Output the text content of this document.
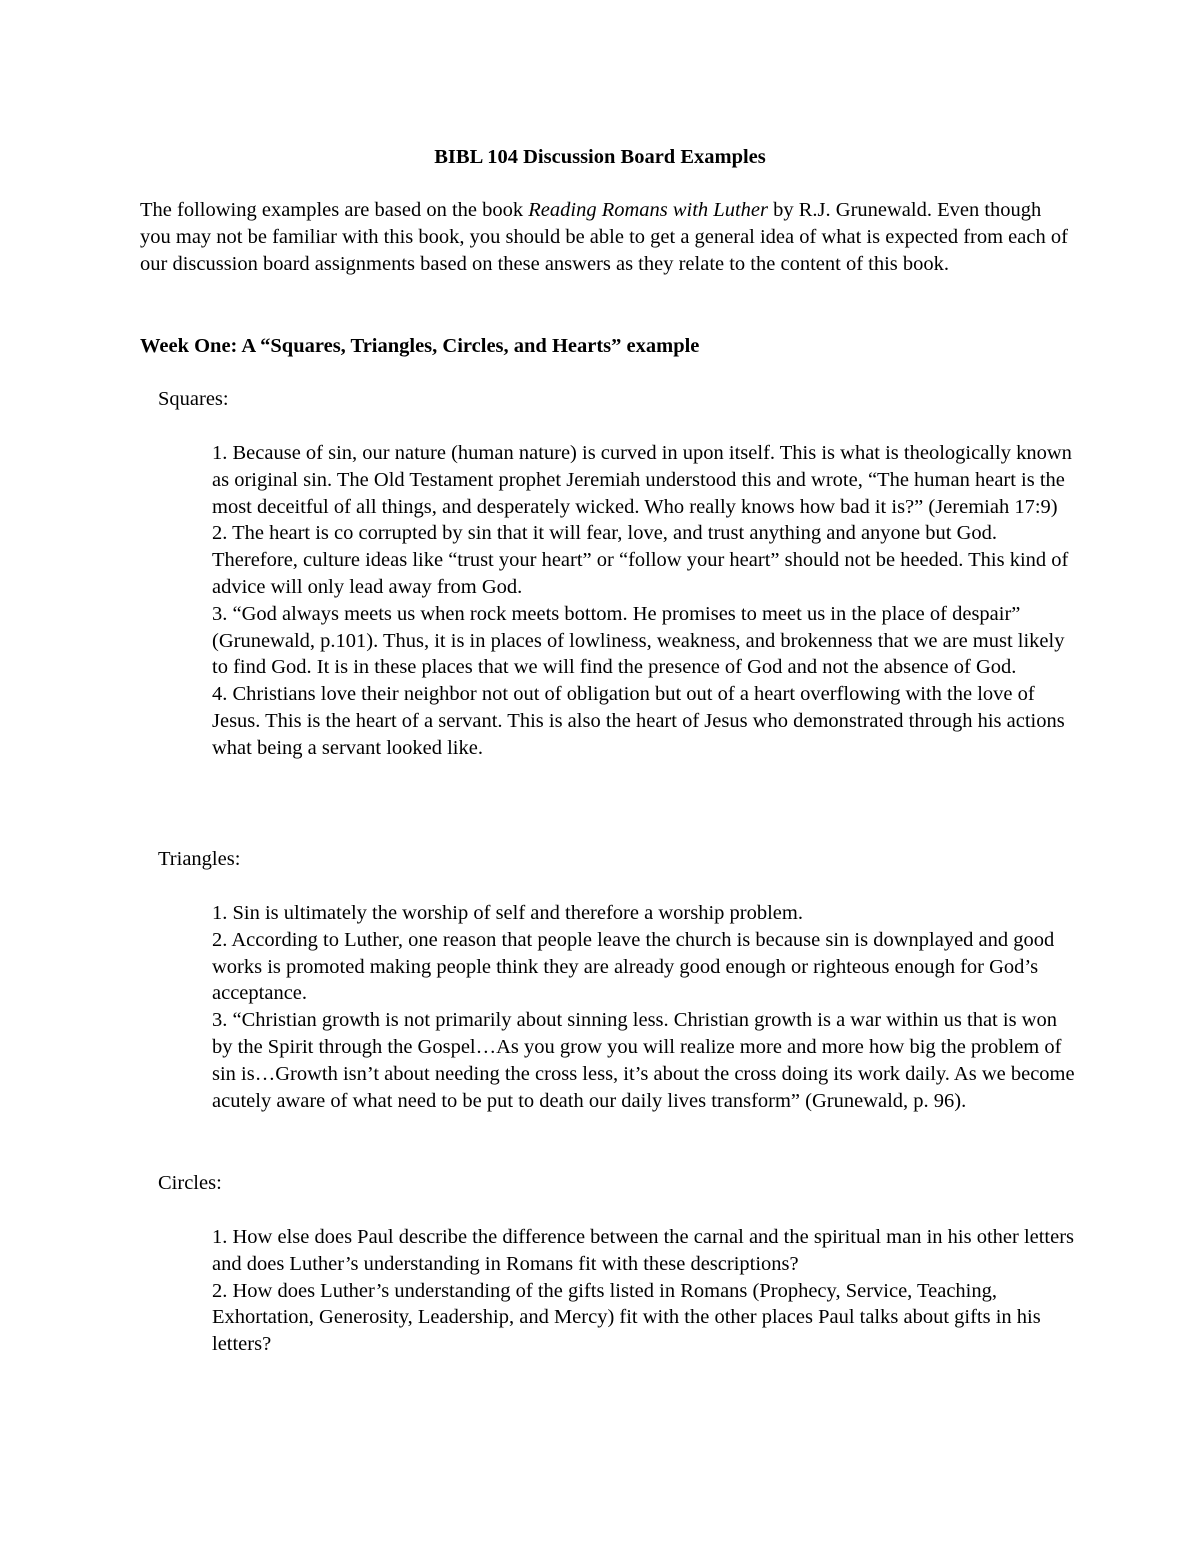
BIBL 104 Discussion Board Examples

The following examples are based on the book Reading Romans with Luther by R.J. Grunewald. Even though you may not be familiar with this book, you should be able to get a general idea of what is expected from each of our discussion board assignments based on these answers as they relate to the content of this book.

Week One: A “Squares, Triangles, Circles, and Hearts” example

Squares:

1. Because of sin, our nature (human nature) is curved in upon itself. This is what is theologically known as original sin. The Old Testament prophet Jeremiah understood this and wrote, “The human heart is the most deceitful of all things, and desperately wicked. Who really knows how bad it is?” (Jeremiah 17:9)
2. The heart is co corrupted by sin that it will fear, love, and trust anything and anyone but God. Therefore, culture ideas like “trust your heart” or “follow your heart” should not be heeded. This kind of advice will only lead away from God.
3. “God always meets us when rock meets bottom. He promises to meet us in the place of despair” (Grunewald, p.101). Thus, it is in places of lowliness, weakness, and brokenness that we are must likely to find God. It is in these places that we will find the presence of God and not the absence of God.
4. Christians love their neighbor not out of obligation but out of a heart overflowing with the love of Jesus. This is the heart of a servant. This is also the heart of Jesus who demonstrated through his actions what being a servant looked like.

Triangles:

1. Sin is ultimately the worship of self and therefore a worship problem.
2. According to Luther, one reason that people leave the church is because sin is downplayed and good works is promoted making people think they are already good enough or righteous enough for God’s acceptance.
3. “Christian growth is not primarily about sinning less. Christian growth is a war within us that is won by the Spirit through the Gospel…As you grow you will realize more and more how big the problem of sin is…Growth isn’t about needing the cross less, it’s about the cross doing its work daily. As we become acutely aware of what need to be put to death our daily lives transform” (Grunewald, p. 96).

Circles:

1. How else does Paul describe the difference between the carnal and the spiritual man in his other letters and does Luther’s understanding in Romans fit with these descriptions?
2. How does Luther’s understanding of the gifts listed in Romans (Prophecy, Service, Teaching, Exhortation, Generosity, Leadership, and Mercy) fit with the other places Paul talks about gifts in his letters?
